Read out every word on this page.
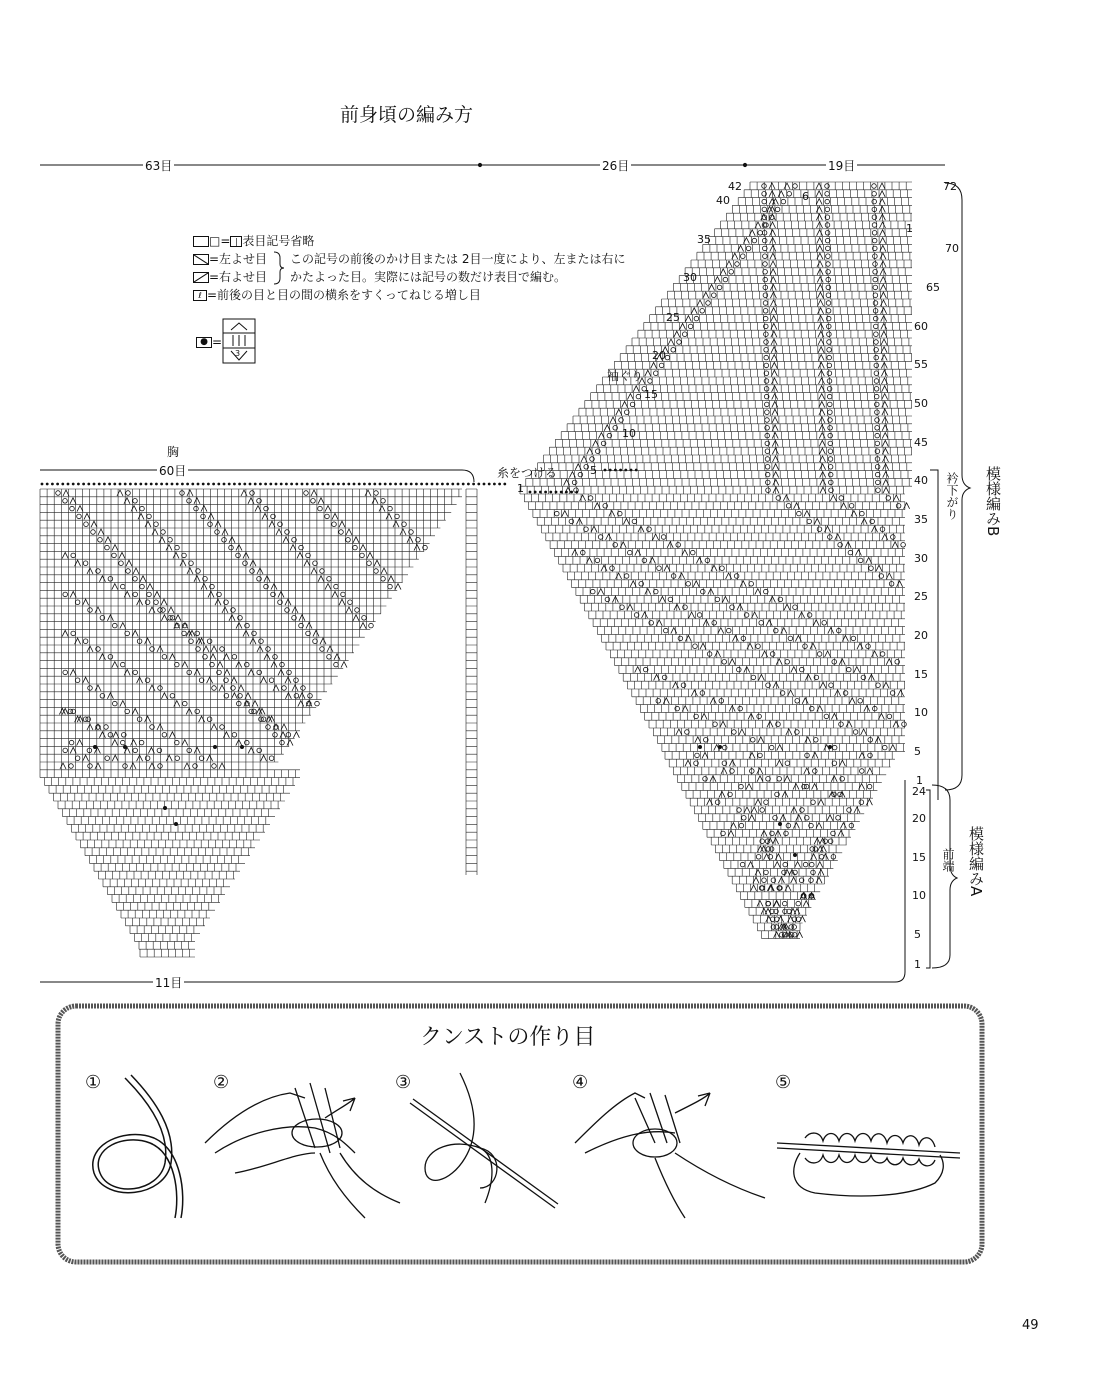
前身頃の編み方
63目	26目	19目
胸
60目
11目
□= | 表目記号省略
=左よせ目
=右よせ目
ℓ =前後の目と目の間の横糸をすくってねじる増し目
この記号の前後のかけ目または 2目一度により、左または右に
かたよった目。実際には記号の数だけ表目で編む。
● =
3
糸をつける
袖ぐり
衿下がり
前端
模様編みB
模様編みA
42
40
35
30
25
20
15
10
5
6
1
1
72
70
65
60
55
50
45
40
35
30
25
20
15
10
5
1
24
20
15
10
5
1
クンストの作り目
①	②	③	④	⑤
49
